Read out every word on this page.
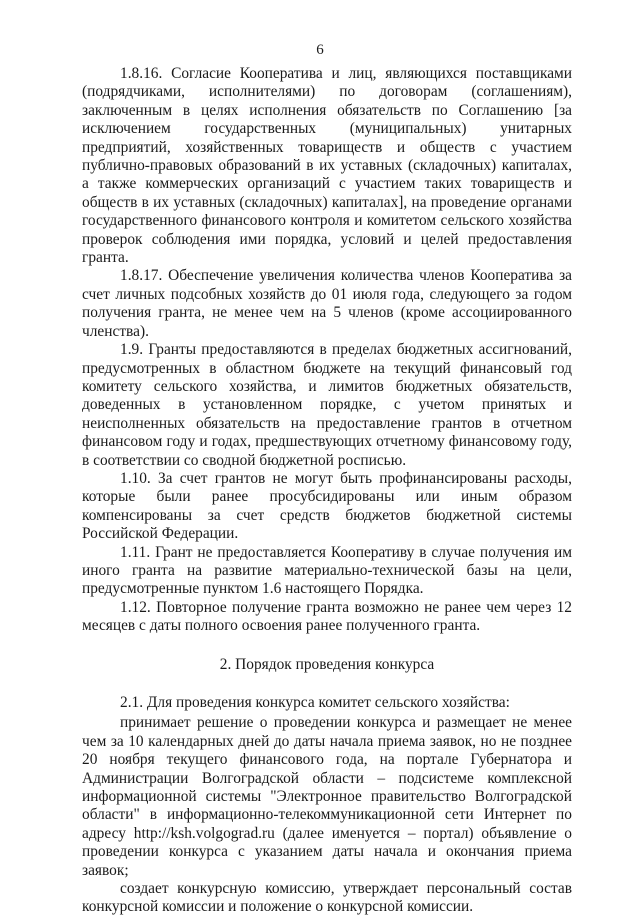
6

1.8.16. Согласие Кооператива и лиц, являющихся поставщиками (подрядчиками, исполнителями) по договорам (соглашениям), заключенным в целях исполнения обязательств по Соглашению [за исключением государственных (муниципальных) унитарных предприятий, хозяйственных товариществ и обществ с участием публично-правовых образований в их уставных (складочных) капиталах, а также коммерческих организаций с участием таких товариществ и обществ в их уставных (складочных) капиталах], на проведение органами государственного финансового контроля и комитетом сельского хозяйства проверок соблюдения ими порядка, условий и целей предоставления гранта.

1.8.17. Обеспечение увеличения количества членов Кооператива за счет личных подсобных хозяйств до 01 июля года, следующего за годом получения гранта, не менее чем на 5 членов (кроме ассоциированного членства).

1.9. Гранты предоставляются в пределах бюджетных ассигнований, предусмотренных в областном бюджете на текущий финансовый год комитету сельского хозяйства, и лимитов бюджетных обязательств, доведенных в установленном порядке, с учетом принятых и неисполненных обязательств на предоставление грантов в отчетном финансовом году и годах, предшествующих отчетному финансовому году, в соответствии со сводной бюджетной росписью.

1.10. За счет грантов не могут быть профинансированы расходы, которые были ранее просубсидированы или иным образом компенсированы за счет средств бюджетов бюджетной системы Российской Федерации.

1.11. Грант не предоставляется Кооперативу в случае получения им иного гранта на развитие материально-технической базы на цели, предусмотренные пунктом 1.6 настоящего Порядка.

1.12. Повторное получение гранта возможно не ранее чем через 12 месяцев с даты полного освоения ранее полученного гранта.

2. Порядок проведения конкурса

2.1. Для проведения конкурса комитет сельского хозяйства:

принимает решение о проведении конкурса и размещает не менее чем за 10 календарных дней до даты начала приема заявок, но не позднее 20 ноября текущего финансового года, на портале Губернатора и Администрации Волгоградской области – подсистеме комплексной информационной системы "Электронное правительство Волгоградской области" в информационно-телекоммуникационной сети Интернет по адресу http://ksh.volgograd.ru (далее именуется – портал) объявление о проведении конкурса с указанием даты начала и окончания приема заявок;

создает конкурсную комиссию, утверждает персональный состав конкурсной комиссии и положение о конкурсной комиссии.
